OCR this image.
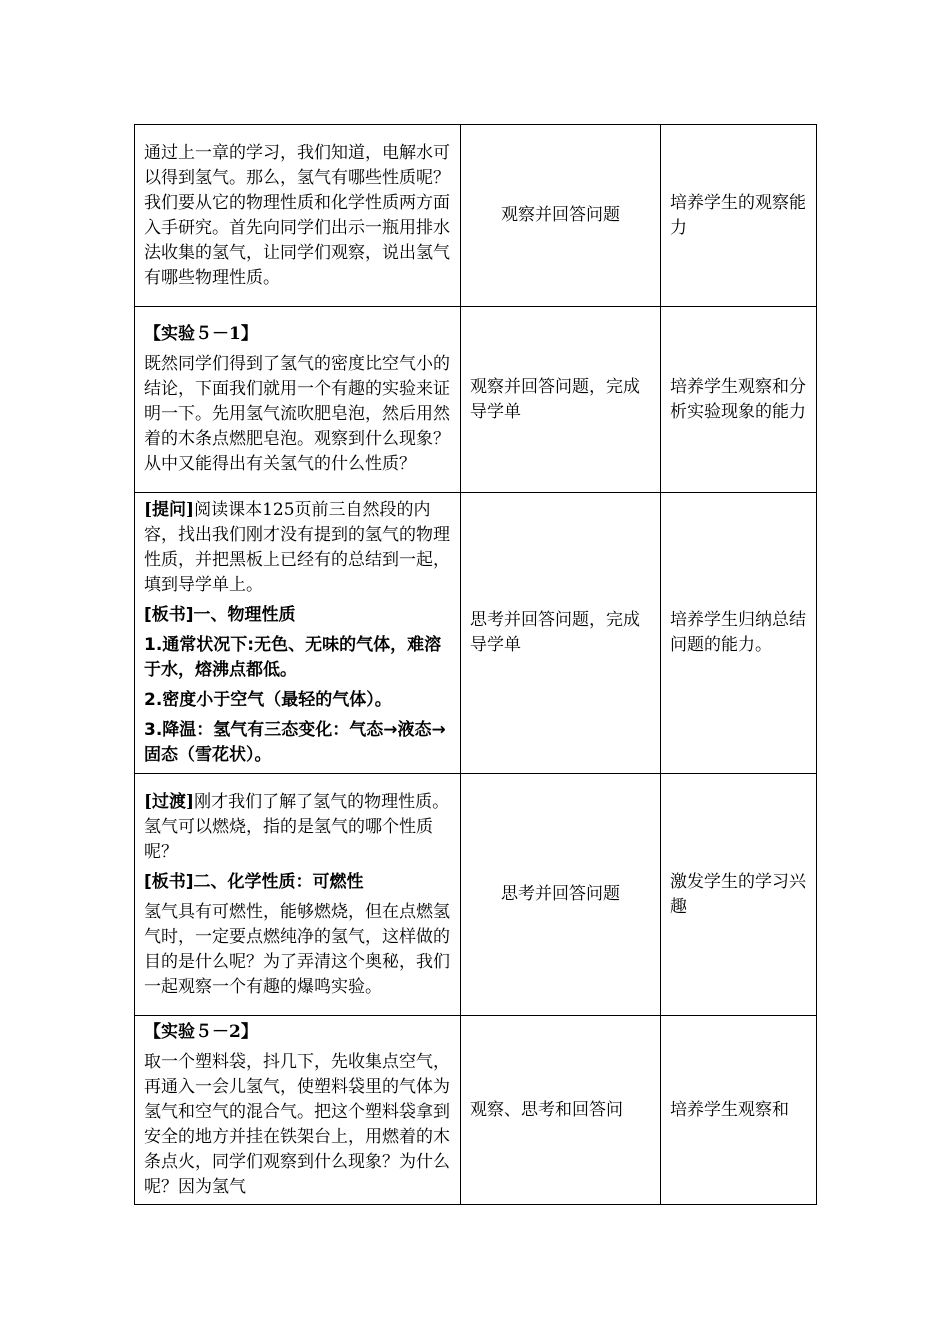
通过上一章的学习，我们知道，电解水可以得到氢气。那么，氢气有哪些性质呢？我们要从它的物理性质和化学性质两方面入手研究。首先向同学们出示一瓶用排水法收集的氢气，让同学们观察，说出氢气有哪些物理性质。	观察并回答问题	培养学生的观察能力

【实验５－1】

既然同学们得到了氢气的密度比空气小的结论，下面我们就用一个有趣的实验来证明一下。先用氢气流吹肥皂泡，然后用然着的木条点燃肥皂泡。观察到什么现象？从中又能得出有关氢气的什么性质？	观察并回答问题，完成导学单	培养学生观察和分析实验现象的能力

[提问]阅读课本125页前三自然段的内容，找出我们刚才没有提到的氢气的物理性质，并把黑板上已经有的总结到一起，填到导学单上。

[板书]一、物理性质

1.通常状况下:无色、无味的气体，难溶于水，熔沸点都低。

2.密度小于空气（最轻的气体）。

3.降温：氢气有三态变化：气态→液态→固态（雪花状）。	思考并回答问题，完成导学单	培养学生归纳总结问题的能力。

[过渡]刚才我们了解了氢气的物理性质。氢气可以燃烧，指的是氢气的哪个性质呢？

[板书]二、化学性质：可燃性

氢气具有可燃性，能够燃烧，但在点燃氢气时，一定要点燃纯净的氢气，这样做的目的是什么呢？为了弄清这个奥秘，我们一起观察一个有趣的爆鸣实验。	思考并回答问题	激发学生的学习兴趣

【实验５－2】

取一个塑料袋，抖几下，先收集点空气，再通入一会儿氢气，使塑料袋里的气体为氢气和空气的混合气。把这个塑料袋拿到安全的地方并挂在铁架台上，用燃着的木条点火，同学们观察到什么现象？为什么呢？因为氢气	观察、思考和回答问	培养学生观察和
